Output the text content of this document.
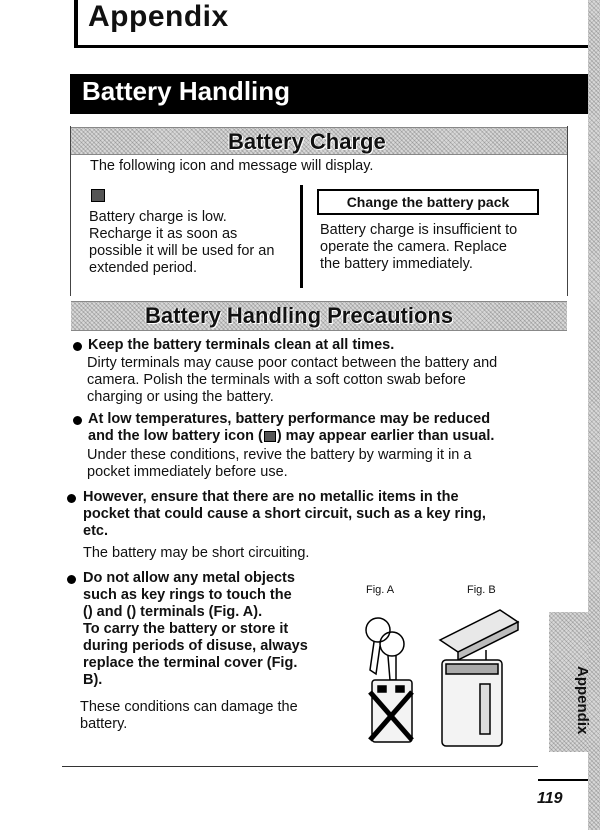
Appendix
Battery Handling
Battery Charge
The following icon and message will display.
Battery charge is low.
Recharge it as soon as
possible it will be used for an
extended period.
Change the battery pack
Battery charge is insufficient to
operate the camera. Replace
the battery immediately.
Battery Handling Precautions
Keep the battery terminals clean at all times.
Dirty terminals may cause poor contact between the battery and
camera. Polish the terminals with a soft cotton swab before
charging or using the battery.
At low temperatures, battery performance may be reduced
and the low battery icon ( ) may appear earlier than usual.
Under these conditions, revive the battery by warming it in a
pocket immediately before use.
However, ensure that there are no metallic items in the
pocket that could cause a short circuit, such as a key ring,
etc.
The battery may be short circuiting.
Do not allow any metal objects
such as key rings to touch the
() and () terminals (Fig. A).
To carry the battery or store it
during periods of disuse, always
replace the terminal cover (Fig.
B).
These conditions can damage the
battery.
Fig. A	Fig. B
119
Appendix
